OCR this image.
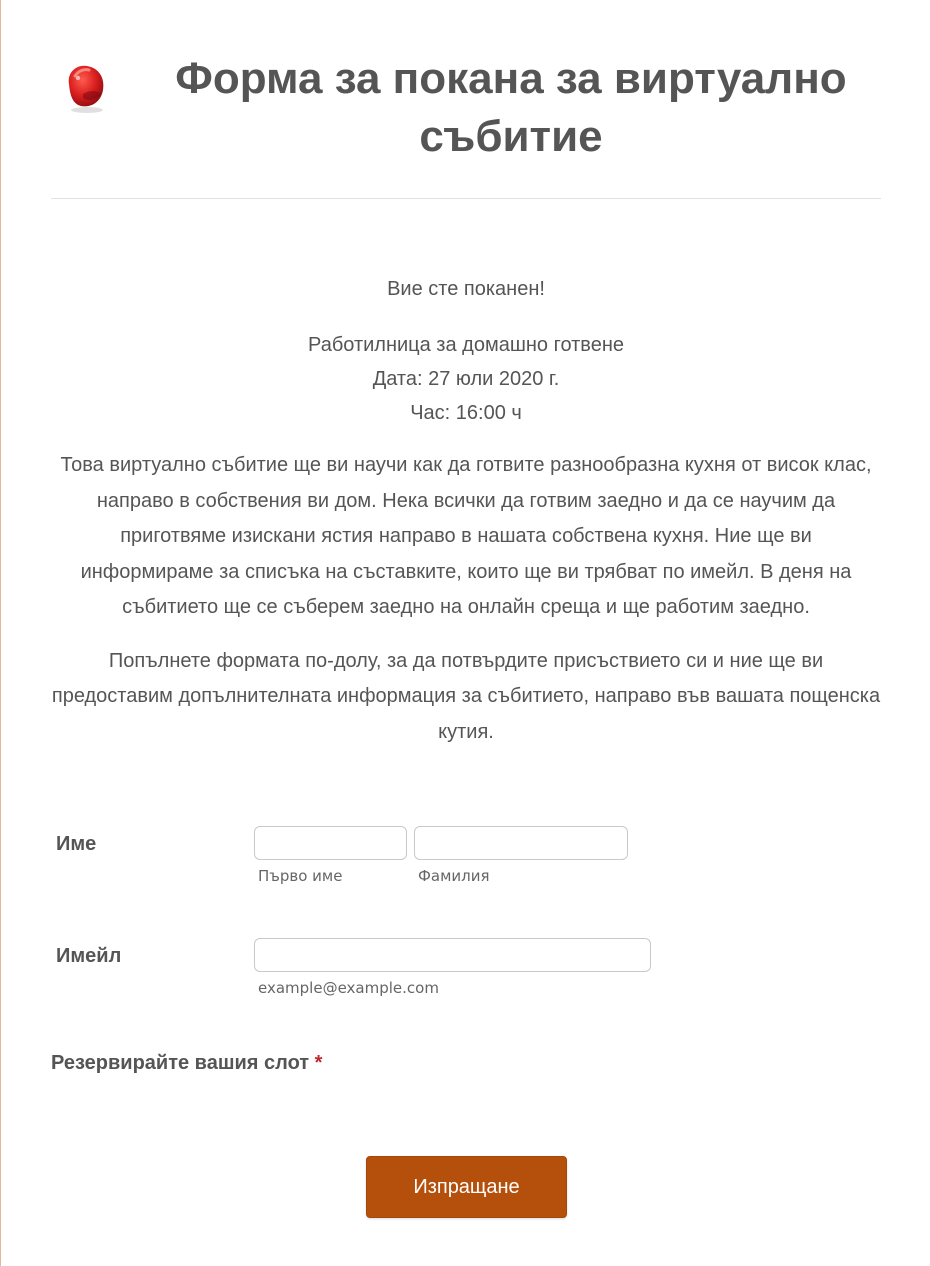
Форма за покана за виртуално събитие

Вие сте поканен!

Работилница за домашно готвене
Дата: 27 юли 2020 г.
Час: 16:00 ч

Това виртуално събитие ще ви научи как да готвите разнообразна кухня от висок клас, направо в собствения ви дом. Нека всички да готвим заедно и да се научим да приготвяме изискани ястия направо в нашата собствена кухня. Ние ще ви информираме за списъка на съставките, които ще ви трябват по имейл. В деня на събитието ще се съберем заедно на онлайн среща и ще работим заедно.

Попълнете формата по-долу, за да потвърдите присъствието си и ние ще ви предоставим допълнителната информация за събитието, направо във вашата пощенска кутия.

Име
Първо име	Фамилия
Имейл
example@example.com
Резервирайте вашия слот *
Изпращане
